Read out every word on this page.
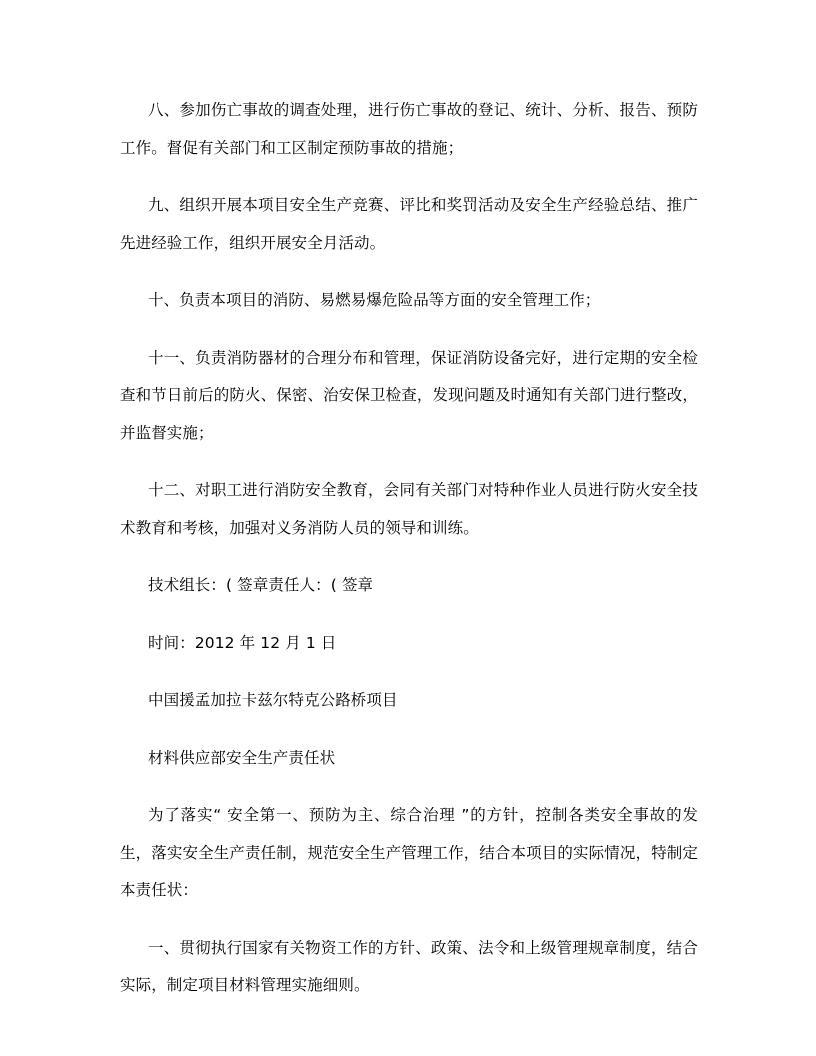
八、参加伤亡事故的调查处理，进行伤亡事故的登记、统计、分析、报告、预防工作。督促有关部门和工区制定预防事故的措施；

九、组织开展本项目安全生产竞赛、评比和奖罚活动及安全生产经验总结、推广先进经验工作，组织开展安全月活动。

十、负责本项目的消防、易燃易爆危险品等方面的安全管理工作；

十一、负责消防器材的合理分布和管理，保证消防设备完好，进行定期的安全检查和节日前后的防火、保密、治安保卫检查，发现问题及时通知有关部门进行整改，并监督实施；

十二、对职工进行消防安全教育，会同有关部门对特种作业人员进行防火安全技术教育和考核，加强对义务消防人员的领导和训练。

技术组长：( 签章责任人：( 签章

时间：2012 年 12 月 1 日

中国援孟加拉卡兹尔特克公路桥项目

材料供应部安全生产责任状

为了落实“ 安全第一、预防为主、综合治理 ”的方针，控制各类安全事故的发生，落实安全生产责任制，规范安全生产管理工作，结合本项目的实际情况，特制定本责任状：

一、贯彻执行国家有关物资工作的方针、政策、法令和上级管理规章制度，结合实际，制定项目材料管理实施细则。
